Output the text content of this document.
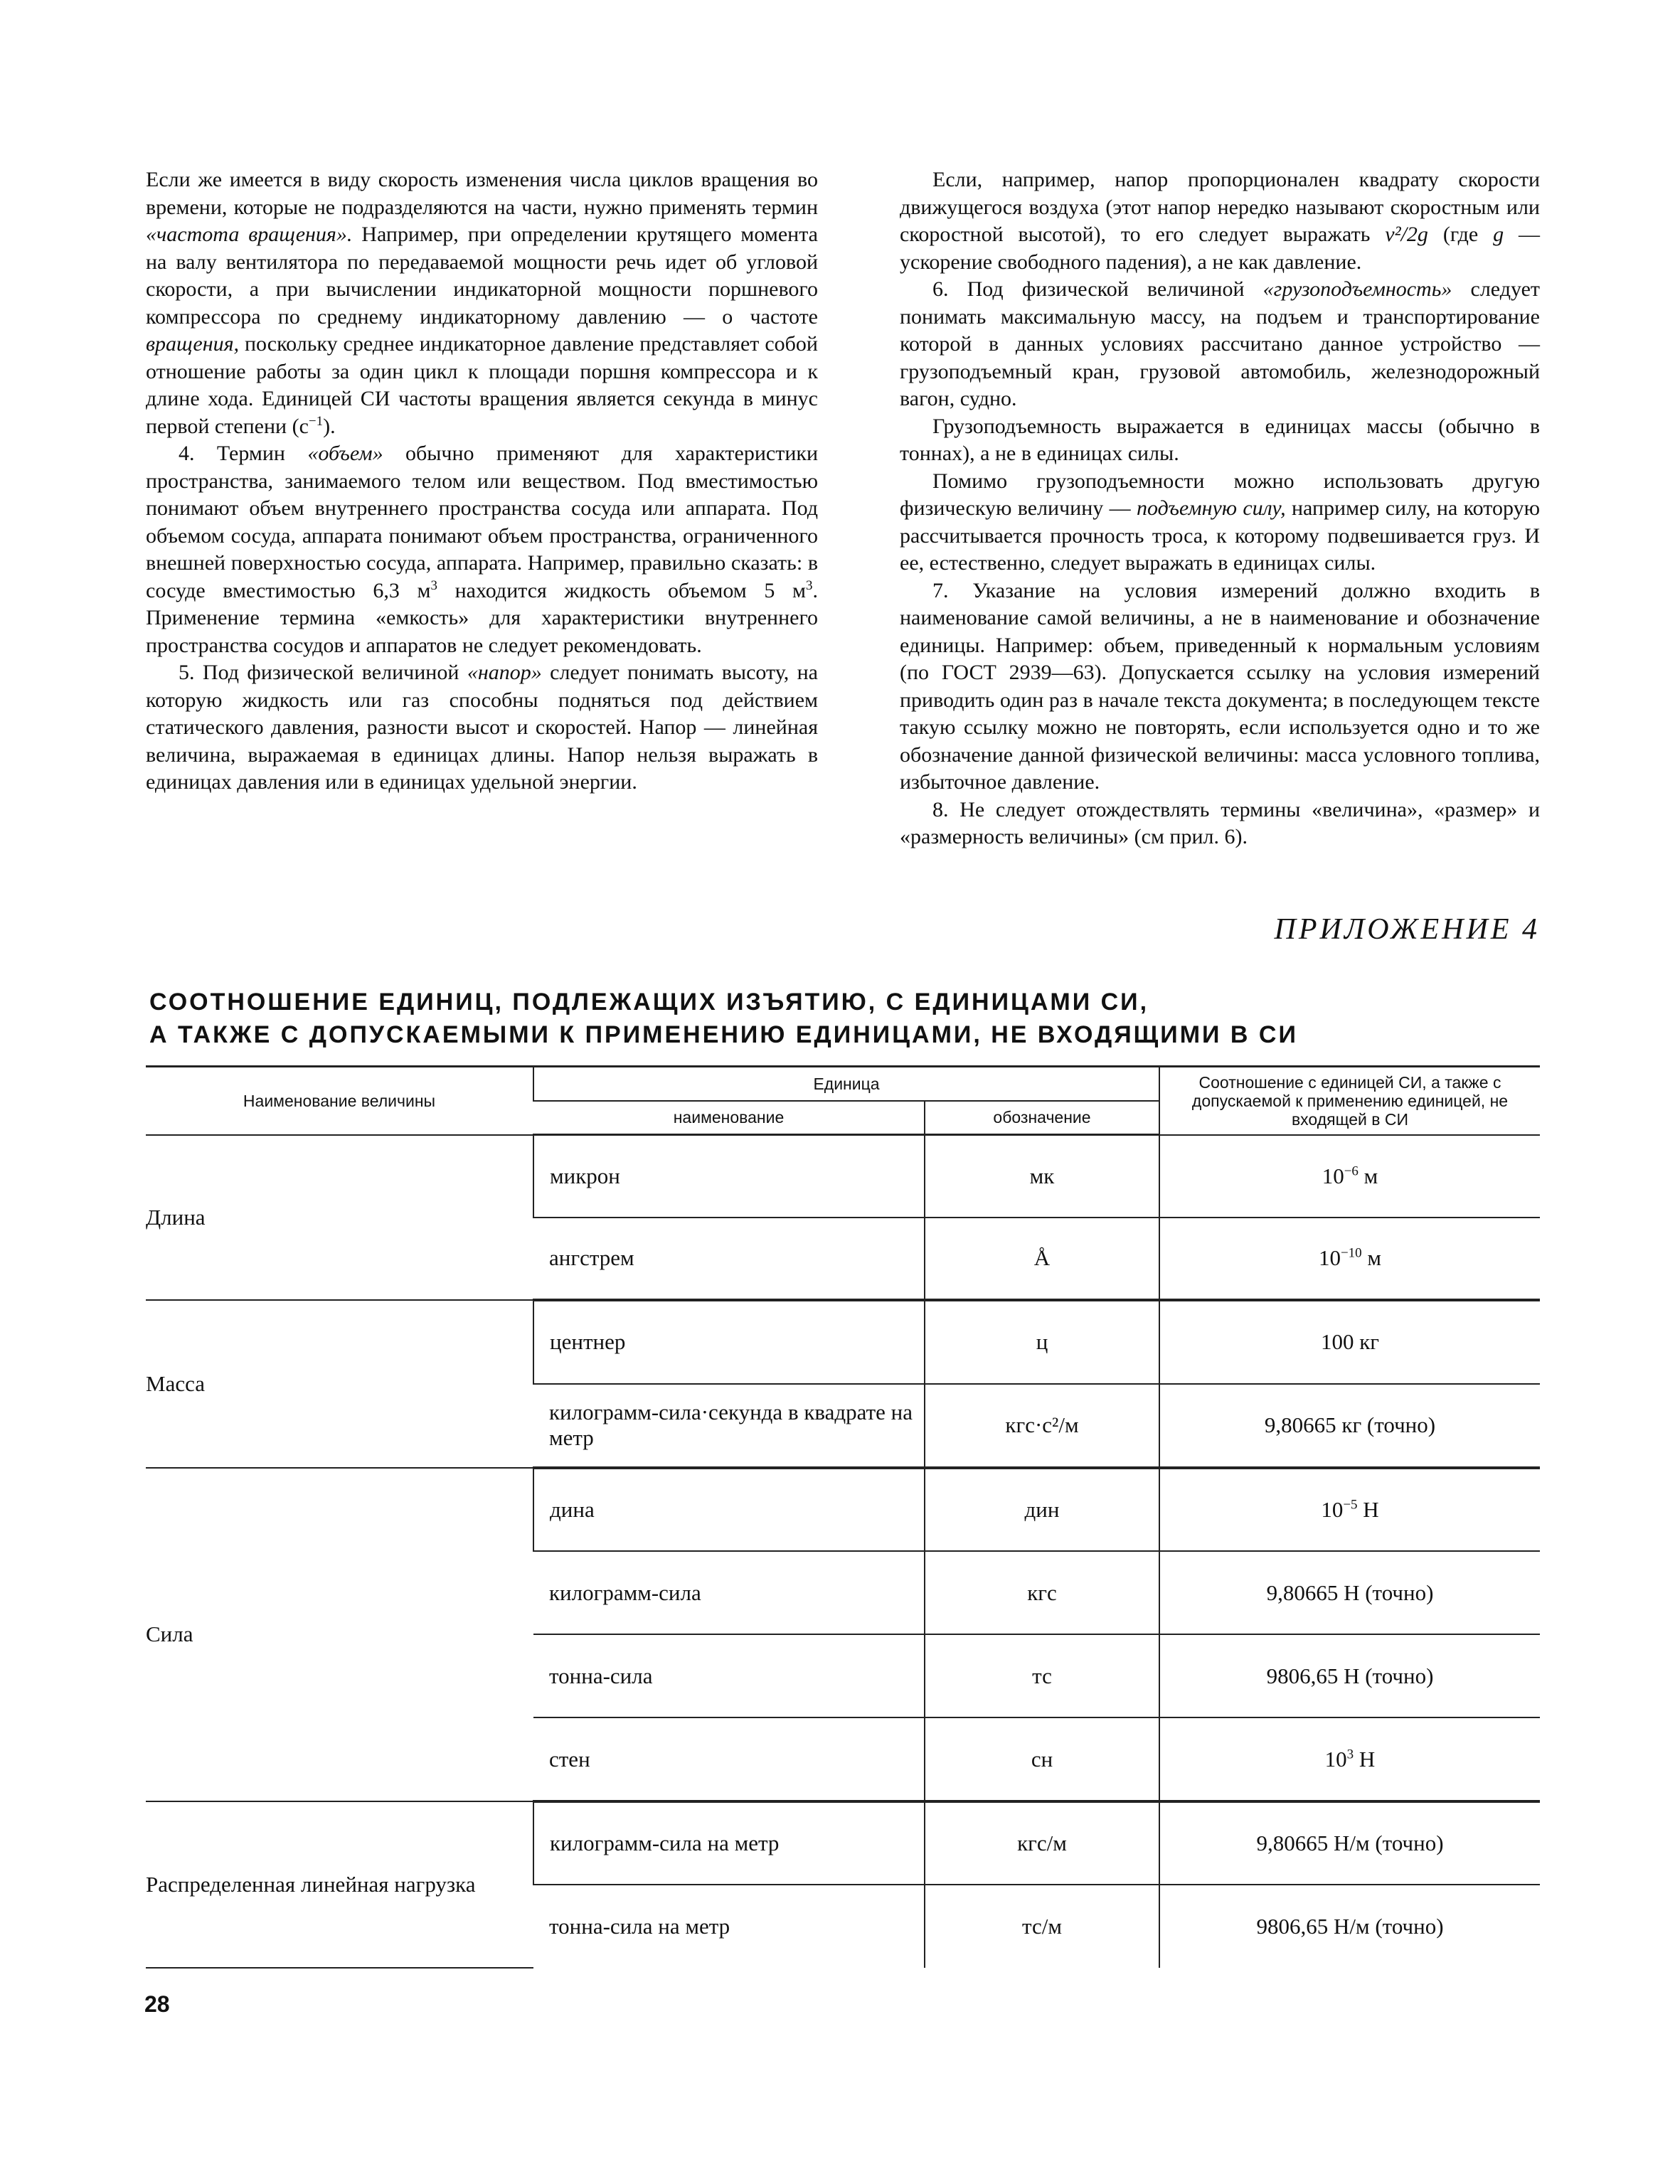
Если же имеется в виду скорость изменения числа циклов вращения во времени, которые не подразделяются на части, нужно применять термин «частота вращения». Например, при определении крутящего момента на валу вентилятора по передаваемой мощности речь идет об угловой скорости, а при вычислении индикаторной мощности поршневого компрессора по среднему индикаторному давлению — о частоте вращения, поскольку среднее индикаторное давление представляет собой отношение работы за один цикл к площади поршня компрессора и к длине хода. Единицей СИ частоты вращения является секунда в минус первой степени $(с^{-1})$.

4. Термин «объем» обычно применяют для характеристики пространства, занимаемого телом или веществом. Под вместимостью понимают объем внутреннего пространства сосуда или аппарата. Под объемом сосуда, аппарата понимают объем пространства, ограниченного внешней поверхностью сосуда, аппарата. Например, правильно сказать: в сосуде вместимостью 6,3 $м^3$ находится жидкость объемом 5 $м^3$. Применение термина «емкость» для характеристики внутреннего пространства сосудов и аппаратов не следует рекомендовать.

5. Под физической величиной «напор» следует понимать высоту, на которую жидкость или газ способны подняться под действием статического давления, разности высот и скоростей. Напор — линейная величина, выражаемая в единицах длины. Напор нельзя выражать в единицах давления или в единицах удельной энергии.

Если, например, напор пропорционален квадрату скорости движущегося воздуха (этот напор нередко называют скоростным или скоростной высотой), то его следует выражать v²/2g (где g — ускорение свободного падения), а не как давление.

6. Под физической величиной «грузоподъемность» следует понимать максимальную массу, на подъем и транспортирование которой в данных условиях рассчитано данное устройство — грузоподъемный кран, грузовой автомобиль, железнодорожный вагон, судно.

Грузоподъемность выражается в единицах массы (обычно в тоннах), а не в единицах силы.

Помимо грузоподъемности можно использовать другую физическую величину — подъемную силу, например силу, на которую рассчитывается прочность троса, к которому подвешивается груз. И ее, естественно, следует выражать в единицах силы.

7. Указание на условия измерений должно входить в наименование самой величины, а не в наименование и обозначение единицы. Например: объем, приведенный к нормальным условиям (по ГОСТ 2939—63). Допускается ссылку на условия измерений приводить один раз в начале текста документа; в последующем тексте такую ссылку можно не повторять, если используется одно и то же обозначение данной физической величины: масса условного топлива, избыточное давление.

8. Не следует отождествлять термины «величина», «размер» и «размерность величины» (см прил. 6).

ПРИЛОЖЕНИЕ 4
СООТНОШЕНИЕ ЕДИНИЦ, ПОДЛЕЖАЩИХ ИЗЪЯТИЮ, С ЕДИНИЦАМИ СИ,
А ТАКЖЕ С ДОПУСКАЕМЫМИ К ПРИМЕНЕНИЮ ЕДИНИЦАМИ, НЕ ВХОДЯЩИМИ В СИ
Наименование величины	Единица		Соотношение с единицей СИ, а также с допускаемой к применению единицей, не входящей в СИ
	наименование	обозначение	
Длина	микрон	мк	$10^{-6}$ м
	ангстрем	Å	$10^{-10}$ м
Масса	центнер	ц	100 кг
	килограмм-сила·секунда в квадрате на метр	кгс·с²/м	9,80665 кг (точно)
Сила	дина	дин	$10^{-5}$ Н
	килограмм-сила	кгс	9,80665 Н (точно)
	тонна-сила	тс	9806,65 Н (точно)
	стен	сн	$10^3$ Н
Распределенная линейная нагрузка	килограмм-сила на метр	кгс/м	9,80665 Н/м (точно)
	тонна-сила на метр	тс/м	9806,65 Н/м (точно)
28
